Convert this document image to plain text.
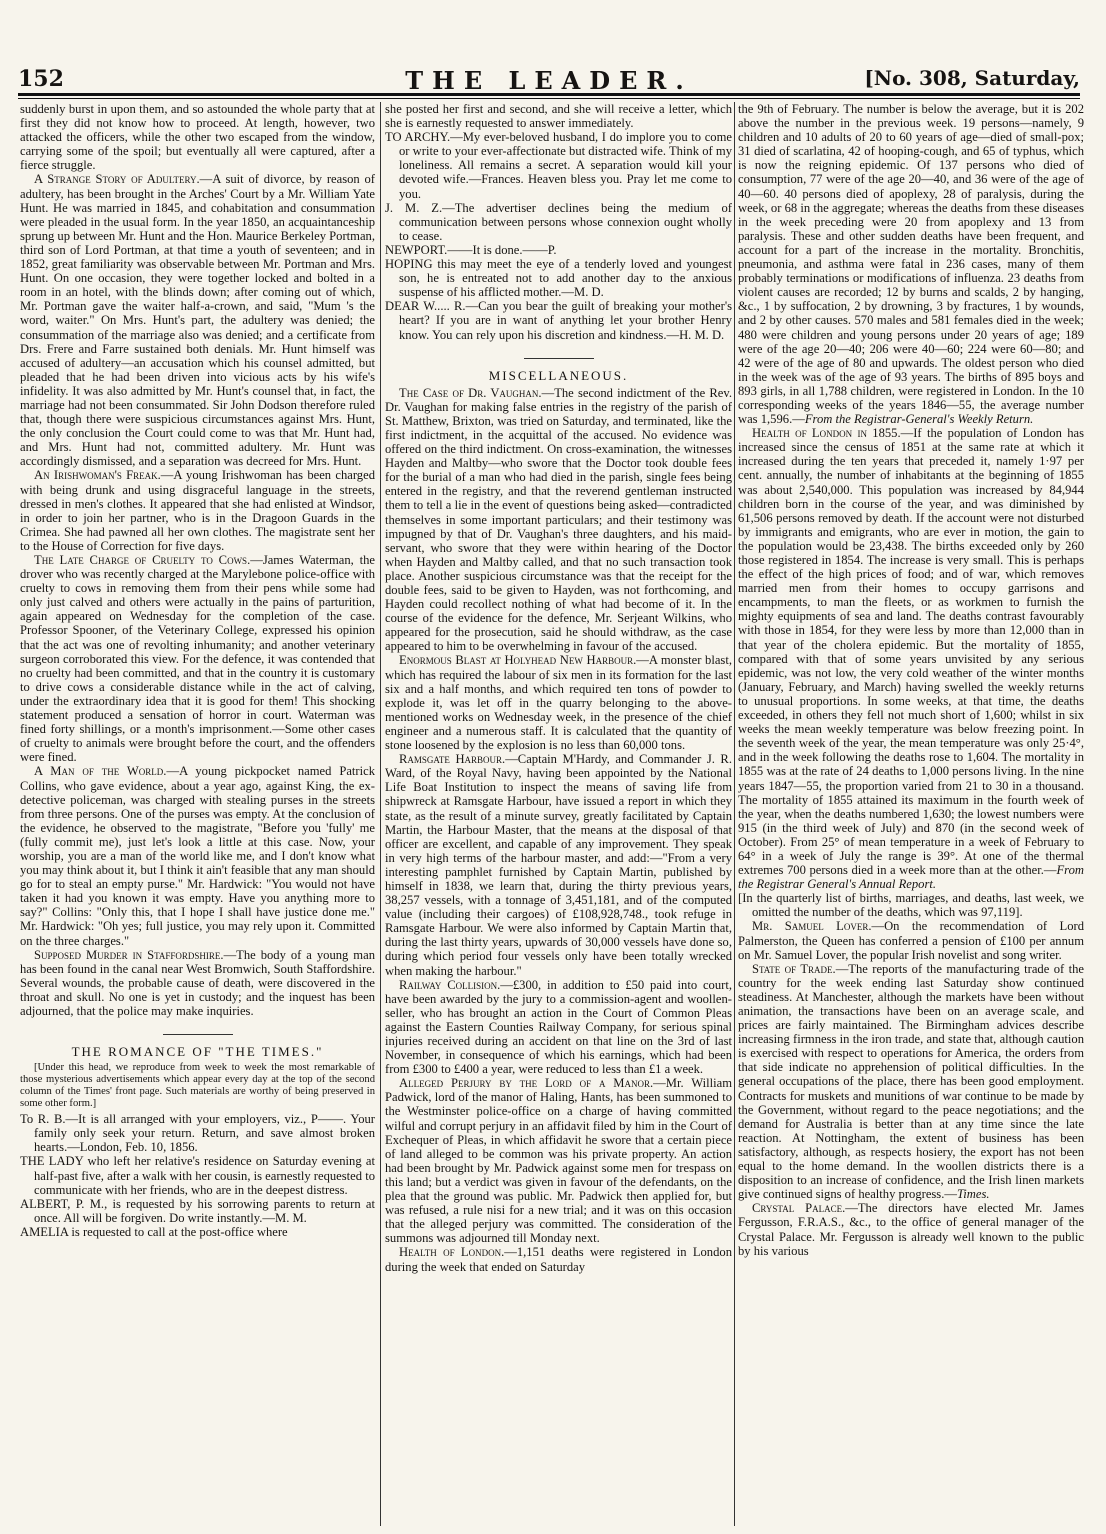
152	THE LEADER.	[No. 308, Saturday,

suddenly burst in upon them, and so astounded the whole party that at first they did not know how to proceed. At length, however, two attacked the officers, while the other two escaped from the window, carrying some of the spoil; but eventually all were captured, after a fierce struggle.

A Strange Story of Adultery.—A suit of divorce, by reason of adultery, has been brought in the Arches' Court by a Mr. William Yate Hunt. He was married in 1845, and cohabitation and consummation were pleaded in the usual form. In the year 1850, an acquaintanceship sprung up between Mr. Hunt and the Hon. Maurice Berkeley Portman, third son of Lord Portman, at that time a youth of seventeen; and in 1852, great familiarity was observable between Mr. Portman and Mrs. Hunt. On one occasion, they were together locked and bolted in a room in an hotel, with the blinds down; after coming out of which, Mr. Portman gave the waiter half-a-crown, and said, "Mum 's the word, waiter." On Mrs. Hunt's part, the adultery was denied; the consummation of the marriage also was denied; and a certificate from Drs. Frere and Farre sustained both denials. Mr. Hunt himself was accused of adultery—an accusation which his counsel admitted, but pleaded that he had been driven into vicious acts by his wife's infidelity. It was also admitted by Mr. Hunt's counsel that, in fact, the marriage had not been consummated. Sir John Dodson therefore ruled that, though there were suspicious circumstances against Mrs. Hunt, the only conclusion the Court could come to was that Mr. Hunt had, and Mrs. Hunt had not, committed adultery. Mr. Hunt was accordingly dismissed, and a separation was decreed for Mrs. Hunt.

An Irishwoman's Freak.—A young Irishwoman has been charged with being drunk and using disgraceful language in the streets, dressed in men's clothes. It appeared that she had enlisted at Windsor, in order to join her partner, who is in the Dragoon Guards in the Crimea. She had pawned all her own clothes. The magistrate sent her to the House of Correction for five days.

The Late Charge of Cruelty to Cows.—James Waterman, the drover who was recently charged at the Marylebone police-office with cruelty to cows in removing them from their pens while some had only just calved and others were actually in the pains of parturition, again appeared on Wednesday for the completion of the case. Professor Spooner, of the Veterinary College, expressed his opinion that the act was one of revolting inhumanity; and another veterinary surgeon corroborated this view. For the defence, it was contended that no cruelty had been committed, and that in the country it is customary to drive cows a considerable distance while in the act of calving, under the extraordinary idea that it is good for them! This shocking statement produced a sensation of horror in court. Waterman was fined forty shillings, or a month's imprisonment.—Some other cases of cruelty to animals were brought before the court, and the offenders were fined.

A Man of the World.—A young pickpocket named Patrick Collins, who gave evidence, about a year ago, against King, the ex-detective policeman, was charged with stealing purses in the streets from three persons. One of the purses was empty. At the conclusion of the evidence, he observed to the magistrate, "Before you 'fully' me (fully commit me), just let's look a little at this case. Now, your worship, you are a man of the world like me, and I don't know what you may think about it, but I think it ain't feasible that any man should go for to steal an empty purse." Mr. Hardwick: "You would not have taken it had you known it was empty. Have you anything more to say?" Collins: "Only this, that I hope I shall have justice done me." Mr. Hardwick: "Oh yes; full justice, you may rely upon it. Committed on the three charges."

Supposed Murder in Staffordshire.—The body of a young man has been found in the canal near West Bromwich, South Staffordshire. Several wounds, the probable cause of death, were discovered in the throat and skull. No one is yet in custody; and the inquest has been adjourned, that the police may make inquiries.

THE ROMANCE OF "THE TIMES."

[Under this head, we reproduce from week to week the most remarkable of those mysterious advertisements which appear every day at the top of the second column of the Times' front page. Such materials are worthy of being preserved in some other form.]

To R. B.—It is all arranged with your employers, viz., P——. Your family only seek your return. Return, and save almost broken hearts.—London, Feb. 10, 1856.

THE LADY who left her relative's residence on Saturday evening at half-past five, after a walk with her cousin, is earnestly requested to communicate with her friends, who are in the deepest distress.

ALBERT, P. M., is requested by his sorrowing parents to return at once. All will be forgiven. Do write instantly.—M. M.

AMELIA is requested to call at the post-office where

she posted her first and second, and she will receive a letter, which she is earnestly requested to answer immediately.

TO ARCHY.—My ever-beloved husband, I do implore you to come or write to your ever-affectionate but distracted wife. Think of my loneliness. All remains a secret. A separation would kill your devoted wife.—Frances. Heaven bless you. Pray let me come to you.

J. M. Z.—The advertiser declines being the medium of communication between persons whose connexion ought wholly to cease.

NEWPORT.——It is done.——P.

HOPING this may meet the eye of a tenderly loved and youngest son, he is entreated not to add another day to the anxious suspense of his afflicted mother.—M. D.

DEAR W..... R.—Can you bear the guilt of breaking your mother's heart? If you are in want of anything let your brother Henry know. You can rely upon his discretion and kindness.—H. M. D.

MISCELLANEOUS.

The Case of Dr. Vaughan.—The second indictment of the Rev. Dr. Vaughan for making false entries in the registry of the parish of St. Matthew, Brixton, was tried on Saturday, and terminated, like the first indictment, in the acquittal of the accused. No evidence was offered on the third indictment. On cross-examination, the witnesses Hayden and Maltby—who swore that the Doctor took double fees for the burial of a man who had died in the parish, single fees being entered in the registry, and that the reverend gentleman instructed them to tell a lie in the event of questions being asked—contradicted themselves in some important particulars; and their testimony was impugned by that of Dr. Vaughan's three daughters, and his maid-servant, who swore that they were within hearing of the Doctor when Hayden and Maltby called, and that no such transaction took place. Another suspicious circumstance was that the receipt for the double fees, said to be given to Hayden, was not forthcoming, and Hayden could recollect nothing of what had become of it. In the course of the evidence for the defence, Mr. Serjeant Wilkins, who appeared for the prosecution, said he should withdraw, as the case appeared to him to be overwhelming in favour of the accused.

Enormous Blast at Holyhead New Harbour.—A monster blast, which has required the labour of six men in its formation for the last six and a half months, and which required ten tons of powder to explode it, was let off in the quarry belonging to the above-mentioned works on Wednesday week, in the presence of the chief engineer and a numerous staff. It is calculated that the quantity of stone loosened by the explosion is no less than 60,000 tons.

Ramsgate Harbour.—Captain M'Hardy, and Commander J. R. Ward, of the Royal Navy, having been appointed by the National Life Boat Institution to inspect the means of saving life from shipwreck at Ramsgate Harbour, have issued a report in which they state, as the result of a minute survey, greatly facilitated by Captain Martin, the Harbour Master, that the means at the disposal of that officer are excellent, and capable of any improvement. They speak in very high terms of the harbour master, and add:—"From a very interesting pamphlet furnished by Captain Martin, published by himself in 1838, we learn that, during the thirty previous years, 38,257 vessels, with a tonnage of 3,451,181, and of the computed value (including their cargoes) of £108,928,748., took refuge in Ramsgate Harbour. We were also informed by Captain Martin that, during the last thirty years, upwards of 30,000 vessels have done so, during which period four vessels only have been totally wrecked when making the harbour."

Railway Collision.—£300, in addition to £50 paid into court, have been awarded by the jury to a commission-agent and woollen-seller, who has brought an action in the Court of Common Pleas against the Eastern Counties Railway Company, for serious spinal injuries received during an accident on that line on the 3rd of last November, in consequence of which his earnings, which had been from £300 to £400 a year, were reduced to less than £1 a week.

Alleged Perjury by the Lord of a Manor.—Mr. William Padwick, lord of the manor of Haling, Hants, has been summoned to the Westminster police-office on a charge of having committed wilful and corrupt perjury in an affidavit filed by him in the Court of Exchequer of Pleas, in which affidavit he swore that a certain piece of land alleged to be common was his private property. An action had been brought by Mr. Padwick against some men for trespass on this land; but a verdict was given in favour of the defendants, on the plea that the ground was public. Mr. Padwick then applied for, but was refused, a rule nisi for a new trial; and it was on this occasion that the alleged perjury was committed. The consideration of the summons was adjourned till Monday next.

Health of London.—1,151 deaths were registered in London during the week that ended on Saturday

the 9th of February. The number is below the average, but it is 202 above the number in the previous week. 19 persons—namely, 9 children and 10 adults of 20 to 60 years of age—died of small-pox; 31 died of scarlatina, 42 of hooping-cough, and 65 of typhus, which is now the reigning epidemic. Of 137 persons who died of consumption, 77 were of the age 20—40, and 36 were of the age of 40—60. 40 persons died of apoplexy, 28 of paralysis, during the week, or 68 in the aggregate; whereas the deaths from these diseases in the week preceding were 20 from apoplexy and 13 from paralysis. These and other sudden deaths have been frequent, and account for a part of the increase in the mortality. Bronchitis, pneumonia, and asthma were fatal in 236 cases, many of them probably terminations or modifications of influenza. 23 deaths from violent causes are recorded; 12 by burns and scalds, 2 by hanging, &c., 1 by suffocation, 2 by drowning, 3 by fractures, 1 by wounds, and 2 by other causes. 570 males and 581 females died in the week; 480 were children and young persons under 20 years of age; 189 were of the age 20—40; 206 were 40—60; 224 were 60—80; and 42 were of the age of 80 and upwards. The oldest person who died in the week was of the age of 93 years. The births of 895 boys and 893 girls, in all 1,788 children, were registered in London. In the 10 corresponding weeks of the years 1846—55, the average number was 1,596.—From the Registrar-General's Weekly Return.

Health of London in 1855.—If the population of London has increased since the census of 1851 at the same rate at which it increased during the ten years that preceded it, namely 1·97 per cent. annually, the number of inhabitants at the beginning of 1855 was about 2,540,000. This population was increased by 84,944 children born in the course of the year, and was diminished by 61,506 persons removed by death. If the account were not disturbed by immigrants and emigrants, who are ever in motion, the gain to the population would be 23,438. The births exceeded only by 260 those registered in 1854. The increase is very small. This is perhaps the effect of the high prices of food; and of war, which removes married men from their homes to occupy garrisons and encampments, to man the fleets, or as workmen to furnish the mighty equipments of sea and land. The deaths contrast favourably with those in 1854, for they were less by more than 12,000 than in that year of the cholera epidemic. But the mortality of 1855, compared with that of some years unvisited by any serious epidemic, was not low, the very cold weather of the winter months (January, February, and March) having swelled the weekly returns to unusual proportions. In some weeks, at that time, the deaths exceeded, in others they fell not much short of 1,600; whilst in six weeks the mean weekly temperature was below freezing point. In the seventh week of the year, the mean temperature was only 25·4°, and in the week following the deaths rose to 1,604. The mortality in 1855 was at the rate of 24 deaths to 1,000 persons living. In the nine years 1847—55, the proportion varied from 21 to 30 in a thousand. The mortality of 1855 attained its maximum in the fourth week of the year, when the deaths numbered 1,630; the lowest numbers were 915 (in the third week of July) and 870 (in the second week of October). From 25° of mean temperature in a week of February to 64° in a week of July the range is 39°. At one of the thermal extremes 700 persons died in a week more than at the other.—From the Registrar General's Annual Report.

[In the quarterly list of births, marriages, and deaths, last week, we omitted the number of the deaths, which was 97,119].

Mr. Samuel Lover.—On the recommendation of Lord Palmerston, the Queen has conferred a pension of £100 per annum on Mr. Samuel Lover, the popular Irish novelist and song writer.

State of Trade.—The reports of the manufacturing trade of the country for the week ending last Saturday show continued steadiness. At Manchester, although the markets have been without animation, the transactions have been on an average scale, and prices are fairly maintained. The Birmingham advices describe increasing firmness in the iron trade, and state that, although caution is exercised with respect to operations for America, the orders from that side indicate no apprehension of political difficulties. In the general occupations of the place, there has been good employment. Contracts for muskets and munitions of war continue to be made by the Government, without regard to the peace negotiations; and the demand for Australia is better than at any time since the late reaction. At Nottingham, the extent of business has been satisfactory, although, as respects hosiery, the export has not been equal to the home demand. In the woollen districts there is a disposition to an increase of confidence, and the Irish linen markets give continued signs of healthy progress.—Times.

Crystal Palace.—The directors have elected Mr. James Fergusson, F.R.A.S., &c., to the office of general manager of the Crystal Palace. Mr. Fergusson is already well known to the public by his various
